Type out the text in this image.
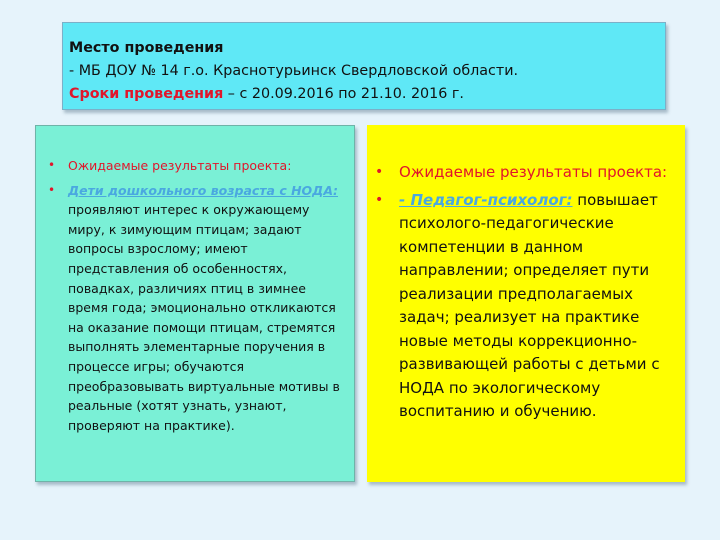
Место проведения
- МБ ДОУ № 14 г.о. Краснотурьинск Свердловской области.
Сроки проведения – с 20.09.2016 по 21.10. 2016 г.
• Ожидаемые результаты проекта:
• Дети дошкольного возраста с НОДА: проявляют интерес к окружающему миру, к зимующим птицам; задают вопросы взрослому; имеют представления об особенностях, повадках, различиях птиц в зимнее время года; эмоционально откликаются на оказание помощи птицам, стремятся выполнять элементарные поручения в процессе игры; обучаются преобразовывать виртуальные мотивы в реальные (хотят узнать, узнают, проверяют на практике).
• Ожидаемые результаты проекта:
• - Педагог-психолог: повышает психолого-педагогические компетенции в данном направлении; определяет пути реализации предполагаемых задач; реализует на практике новые методы коррекционно-развивающей работы с детьми с НОДА по экологическому воспитанию и обучению.
